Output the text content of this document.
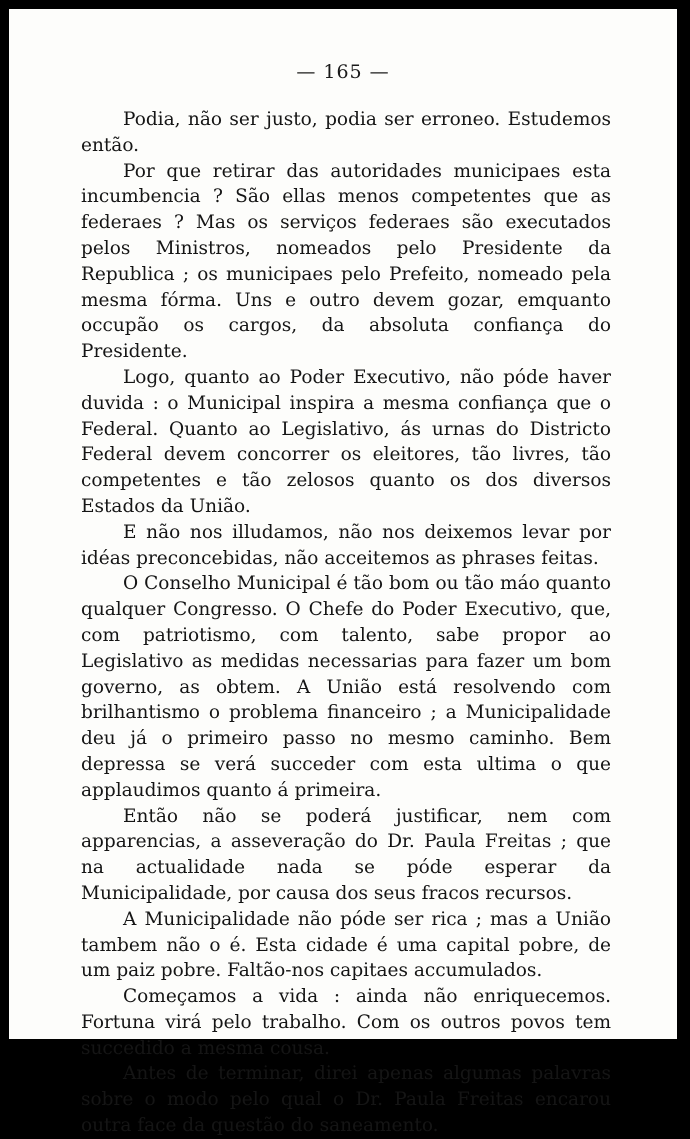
— 165 —

Podia, não ser justo, podia ser erroneo. Estudemos então.

Por que retirar das autoridades municipaes esta incumbencia ? São ellas menos competentes que as federaes ? Mas os serviços federaes são executados pelos Ministros, nomeados pelo Presidente da Republica ; os municipaes pelo Prefeito, nomeado pela mesma fórma. Uns e outro devem gozar, emquanto occupão os cargos, da absoluta confiança do Presidente.

Logo, quanto ao Poder Executivo, não póde haver duvida : o Municipal inspira a mesma confiança que o Federal. Quanto ao Legislativo, ás urnas do Districto Federal devem concorrer os eleitores, tão livres, tão competentes e tão zelosos quanto os dos diversos Estados da União.

E não nos illudamos, não nos deixemos levar por idéas preconcebidas, não acceitemos as phrases feitas.

O Conselho Municipal é tão bom ou tão máo quanto qualquer Congresso. O Chefe do Poder Executivo, que, com patriotismo, com talento, sabe propor ao Legislativo as medidas necessarias para fazer um bom governo, as obtem. A União está resolvendo com brilhantismo o problema financeiro ; a Municipalidade deu já o primeiro passo no mesmo caminho. Bem depressa se verá succeder com esta ultima o que applaudimos quanto á primeira.

Então não se poderá justificar, nem com apparencias, a asseveração do Dr. Paula Freitas ; que na actualidade nada se póde esperar da Municipalidade, por causa dos seus fracos recursos.

A Municipalidade não póde ser rica ; mas a União tambem não o é. Esta cidade é uma capital pobre, de um paiz pobre. Faltão-nos capitaes accumulados.

Começamos a vida : ainda não enriquecemos. Fortuna virá pelo trabalho. Com os outros povos tem succedido a mesma cousa.

Antes de terminar, direi apenas algumas palavras sobre o modo pelo qual o Dr. Paula Freitas encarou outra face da questão do saneamento.
